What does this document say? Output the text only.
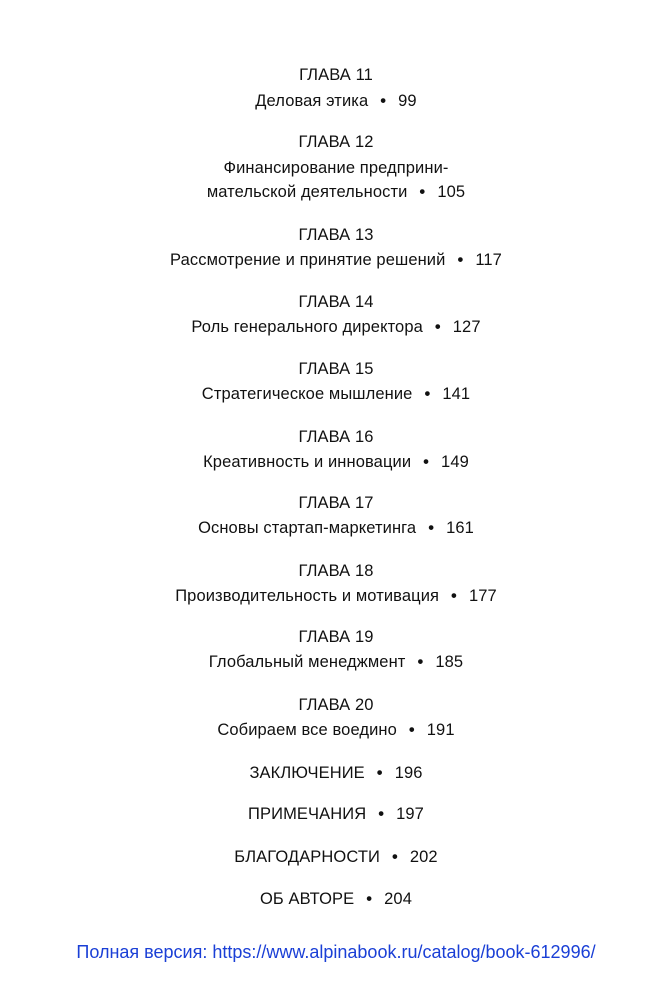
ГЛАВА 11
Деловая этика • 99
ГЛАВА 12
Финансирование предприни-
мательской деятельности • 105
ГЛАВА 13
Рассмотрение и принятие решений • 117
ГЛАВА 14
Роль генерального директора • 127
ГЛАВА 15
Стратегическое мышление • 141
ГЛАВА 16
Креативность и инновации • 149
ГЛАВА 17
Основы стартап-маркетинга • 161
ГЛАВА 18
Производительность и мотивация • 177
ГЛАВА 19
Глобальный менеджмент • 185
ГЛАВА 20
Собираем все воедино • 191
ЗАКЛЮЧЕНИЕ • 196
ПРИМЕЧАНИЯ • 197
БЛАГОДАРНОСТИ • 202
ОБ АВТОРЕ • 204
Полная версия: https://www.alpinabook.ru/catalog/book-612996/
